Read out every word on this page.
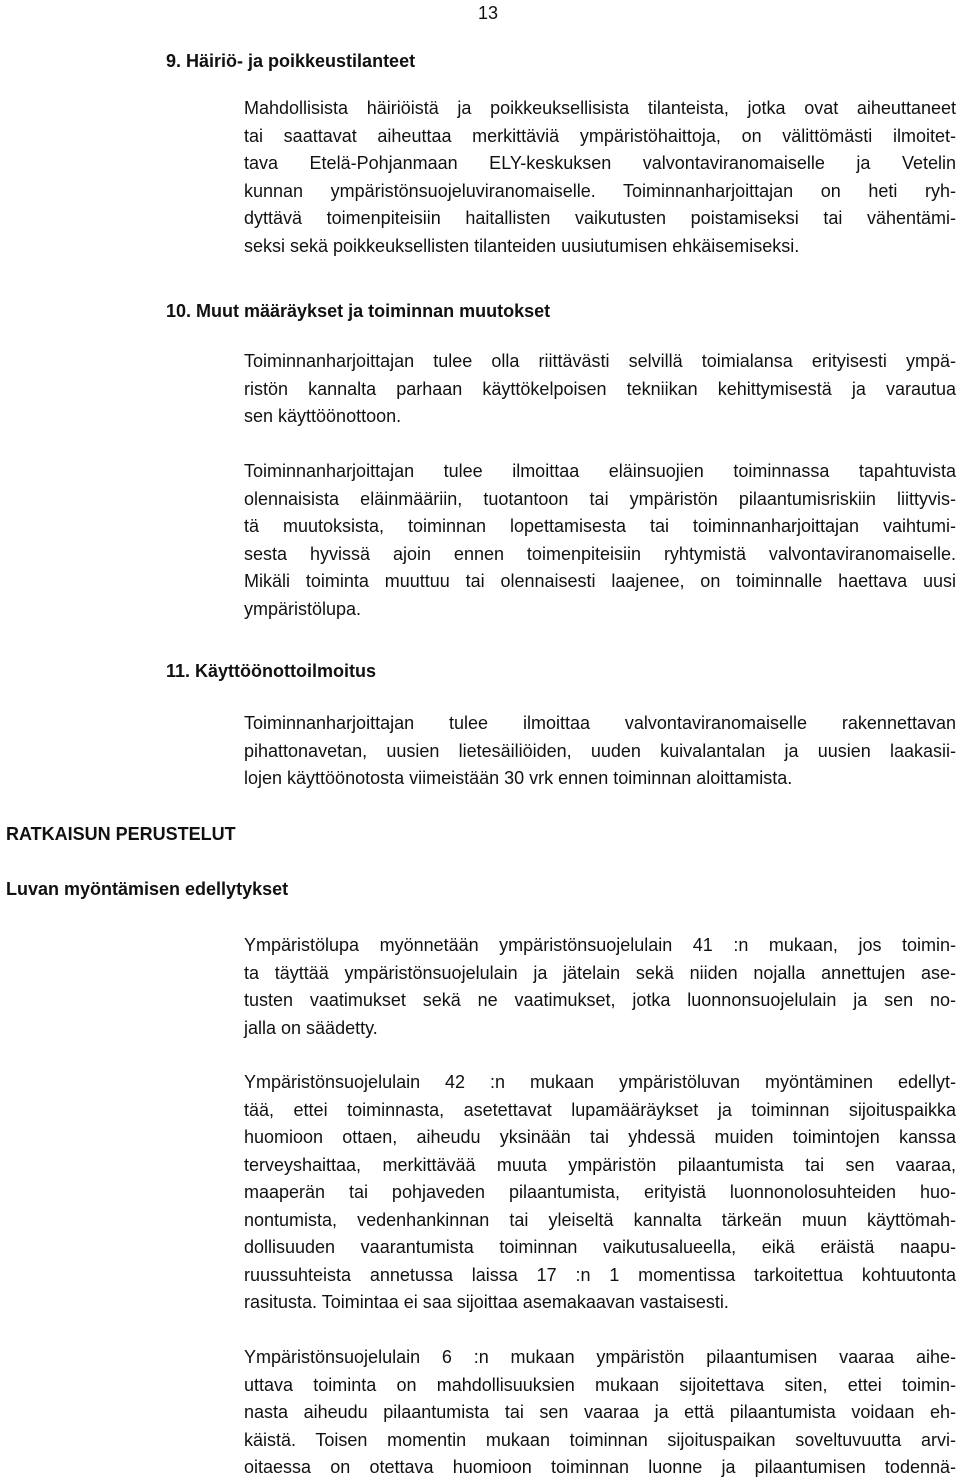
13
9. Häiriö- ja poikkeustilanteet
Mahdollisista häiriöistä ja poikkeuksellisista tilanteista, jotka ovat aiheuttaneet
tai saattavat aiheuttaa merkittäviä ympäristöhaittoja, on välittömästi ilmoitet-
tava Etelä-Pohjanmaan ELY-keskuksen valvontaviranomaiselle ja Vetelin
kunnan ympäristönsuojeluviranomaiselle. Toiminnanharjoittajan on heti ryh-
dyttävä toimenpiteisiin haitallisten vaikutusten poistamiseksi tai vähentämi-
seksi sekä poikkeuksellisten tilanteiden uusiutumisen ehkäisemiseksi.
10. Muut määräykset ja toiminnan muutokset
Toiminnanharjoittajan tulee olla riittävästi selvillä toimialansa erityisesti ympä-
ristön kannalta parhaan käyttökelpoisen tekniikan kehittymisestä ja varautua
sen käyttöönottoon.
Toiminnanharjoittajan tulee ilmoittaa eläinsuojien toiminnassa tapahtuvista
olennaisista eläinmääriin, tuotantoon tai ympäristön pilaantumisriskiin liittyvis-
tä muutoksista, toiminnan lopettamisesta tai toiminnanharjoittajan vaihtumi-
sesta hyvissä ajoin ennen toimenpiteisiin ryhtymistä valvontaviranomaiselle.
Mikäli toiminta muuttuu tai olennaisesti laajenee, on toiminnalle haettava uusi
ympäristölupa.
11. Käyttöönottoilmoitus
Toiminnanharjoittajan tulee ilmoittaa valvontaviranomaiselle rakennettavan
pihattonavetan, uusien lietesäiliöiden, uuden kuivalantalan ja uusien laakasii-
lojen käyttöönotosta viimeistään 30 vrk ennen toiminnan aloittamista.
RATKAISUN PERUSTELUT
Luvan myöntämisen edellytykset
Ympäristölupa myönnetään ympäristönsuojelulain 41 :n mukaan, jos toimin-
ta täyttää ympäristönsuojelulain ja jätelain sekä niiden nojalla annettujen ase-
tusten vaatimukset sekä ne vaatimukset, jotka luonnonsuojelulain ja sen no-
jalla on säädetty.
Ympäristönsuojelulain 42 :n mukaan ympäristöluvan myöntäminen edellyt-
tää, ettei toiminnasta, asetettavat lupamääräykset ja toiminnan sijoituspaikka
huomioon ottaen, aiheudu yksinään tai yhdessä muiden toimintojen kanssa
terveyshaittaa, merkittävää muuta ympäristön pilaantumista tai sen vaaraa,
maaperän tai pohjaveden pilaantumista, erityistä luonnonolosuhteiden huo-
nontumista, vedenhankinnan tai yleiseltä kannalta tärkeän muun käyttömah-
dollisuuden vaarantumista toiminnan vaikutusalueella, eikä eräistä naapu-
ruussuhteista annetussa laissa 17 :n 1 momentissa tarkoitettua kohtuutonta
rasitusta. Toimintaa ei saa sijoittaa asemakaavan vastaisesti.
Ympäristönsuojelulain 6 :n mukaan ympäristön pilaantumisen vaaraa aihe-
uttava toiminta on mahdollisuuksien mukaan sijoitettava siten, ettei toimin-
nasta aiheudu pilaantumista tai sen vaaraa ja että pilaantumista voidaan eh-
käistä. Toisen momentin mukaan toiminnan sijoituspaikan soveltuvuutta arvi-
oitaessa on otettava huomioon toiminnan luonne ja pilaantumisen todennä-
